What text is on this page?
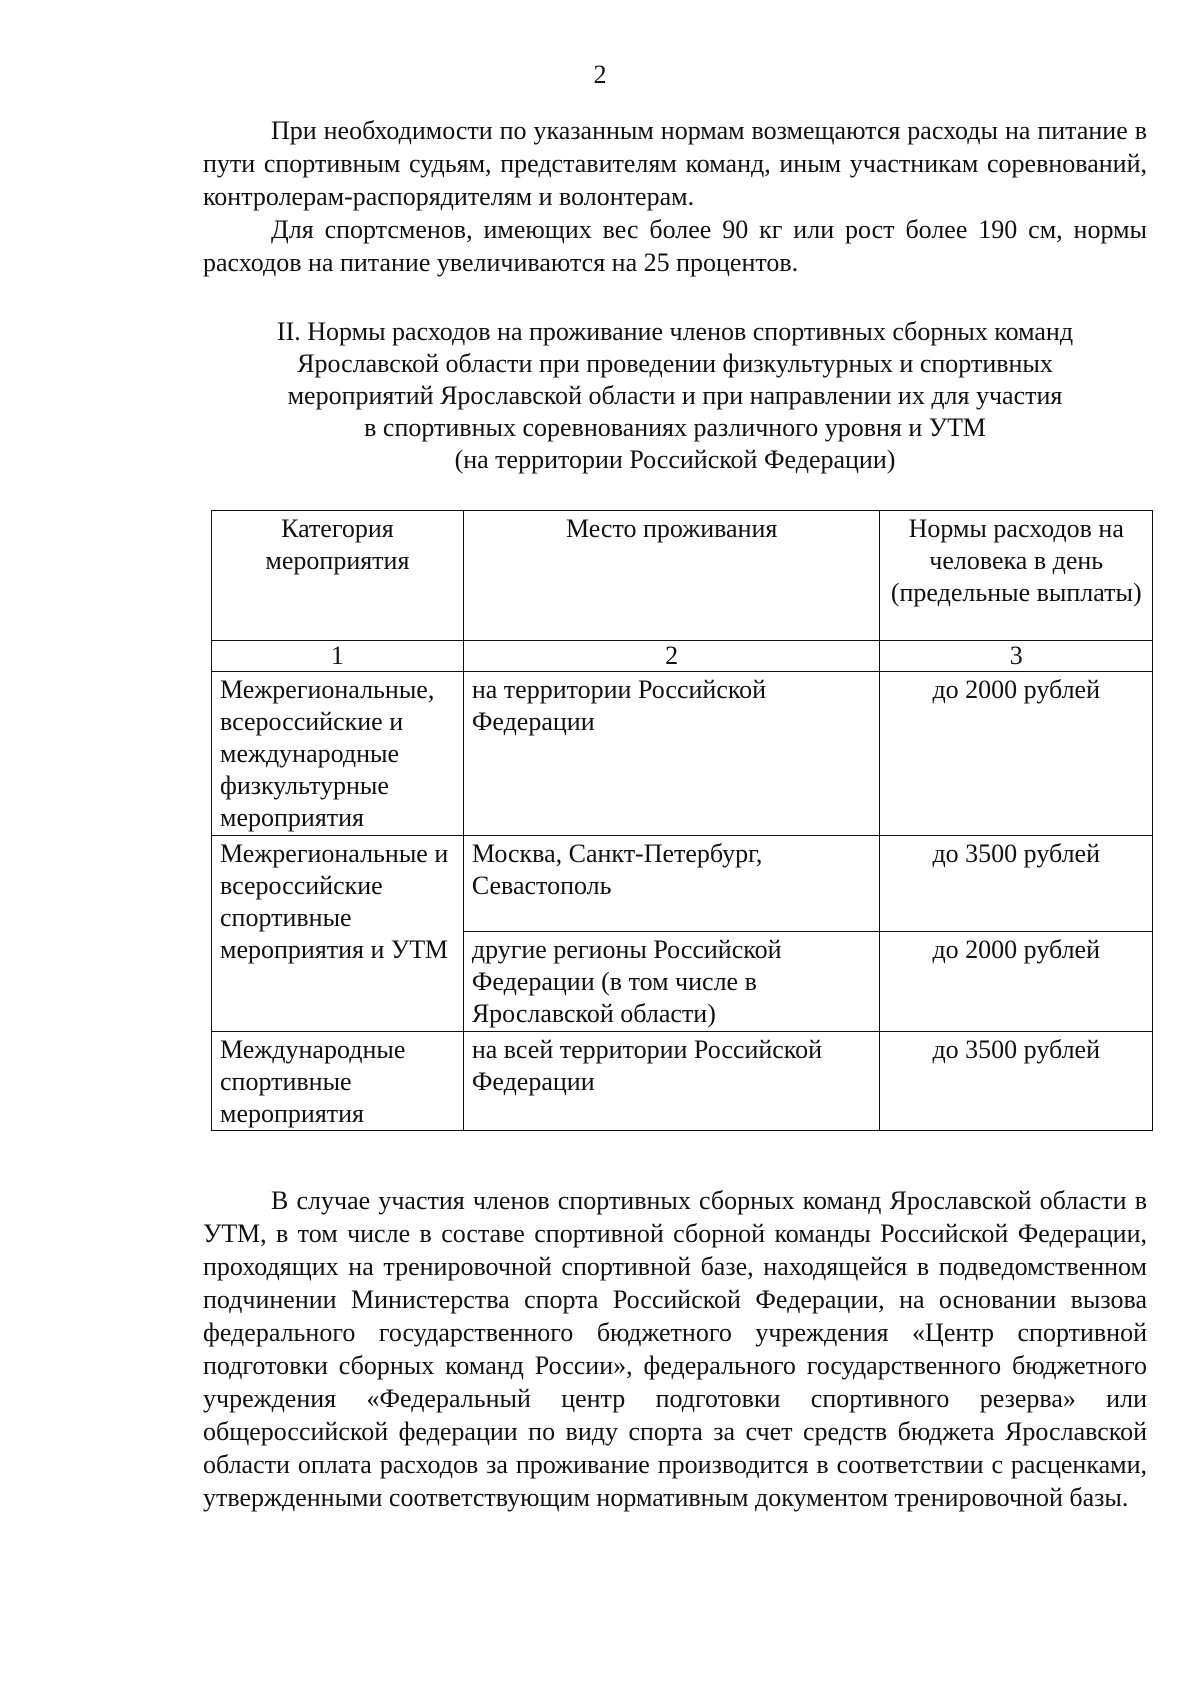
2

При необходимости по указанным нормам возмещаются расходы на питание в пути спортивным судьям, представителям команд, иным участникам соревнований, контролерам-распорядителям и волонтерам.

Для спортсменов, имеющих вес более 90 кг или рост более 190 см, нормы расходов на питание увеличиваются на 25 процентов.

II. Нормы расходов на проживание членов спортивных сборных команд
Ярославской области при проведении физкультурных и спортивных
мероприятий Ярославской области и при направлении их для участия
в спортивных соревнованиях различного уровня и УТМ
(на территории Российской Федерации)
Категория мероприятия	Место проживания	Нормы расходов на человека в день (предельные выплаты)
1	2	3
Межрегиональные, всероссийские и международные физкультурные мероприятия	на территории Российской Федерации	до 2000 рублей
Межрегиональные и всероссийские спортивные мероприятия и УТМ	Москва, Санкт-Петербург, Севастополь	до 3500 рублей
	другие регионы Российской Федерации (в том числе в Ярославской области)	до 2000 рублей
Международные спортивные мероприятия	на всей территории Российской Федерации	до 3500 рублей

В случае участия членов спортивных сборных команд Ярославской области в УТМ, в том числе в составе спортивной сборной команды Российской Федерации, проходящих на тренировочной спортивной базе, находящейся в подведомственном подчинении Министерства спорта Российской Федерации, на основании вызова федерального государственного бюджетного учреждения «Центр спортивной подготовки сборных команд России», федерального государственного бюджетного учреждения «Федеральный центр подготовки спортивного резерва» или общероссийской федерации по виду спорта за счет средств бюджета Ярославской области оплата расходов за проживание производится в соответствии с расценками, утвержденными соответствующим нормативным документом тренировочной базы.
